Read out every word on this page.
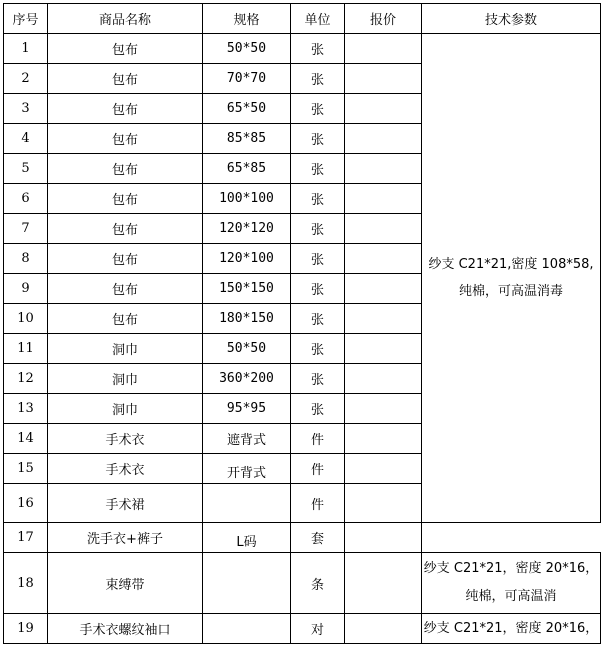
序号	商品名称	规格	单位	报价	技术参数
1	包布	50*50	张		纱支 C21*21,密度 108*58,
纯棉，可高温消毒
2	包布	70*70	张		
3	包布	65*50	张		
4	包布	85*85	张		
5	包布	65*85	张		
6	包布	100*100	张		
7	包布	120*120	张		
8	包布	120*100	张		
9	包布	150*150	张		
10	包布	180*150	张		
11	洞巾	50*50	张		
12	洞巾	360*200	张		
13	洞巾	95*95	张		
14	手术衣	遮背式	件		
15	手术衣	开背式	件		
16	手术裙		件		
17	洗手衣+裤子	L码	套		
18	束缚带		条		纱支 C21*21，密度 20*16，
纯棉，可高温消
19	手术衣螺纹袖口		对		纱支 C21*21，密度 20*16，
